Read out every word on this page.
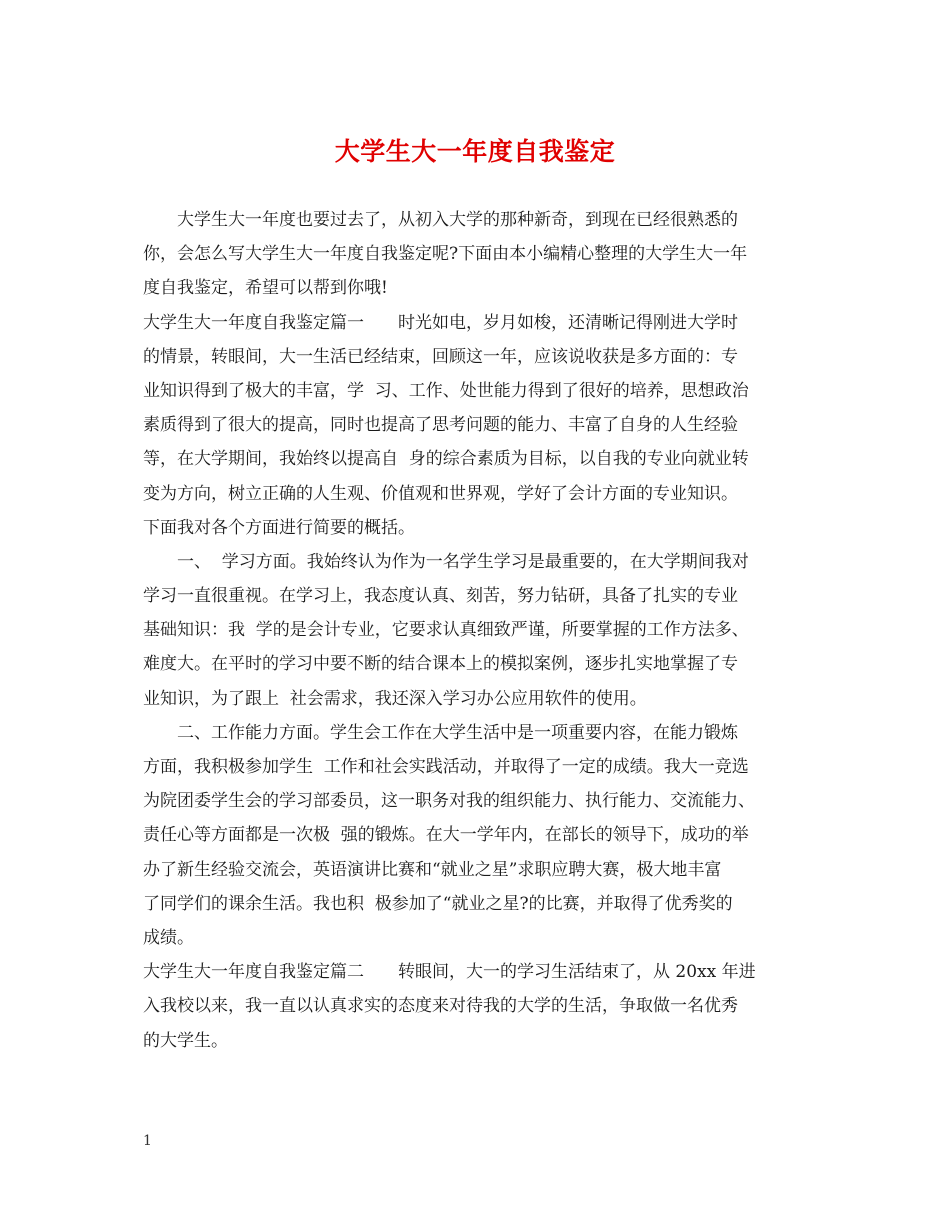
大学生大一年度自我鉴定
　　大学生大一年度也要过去了，从初入大学的那种新奇，到现在已经很熟悉的
你，会怎么写大学生大一年度自我鉴定呢?下面由本小编精心整理的大学生大一年
度自我鉴定，希望可以帮到你哦!
大学生大一年度自我鉴定篇一　　时光如电，岁月如梭，还清晰记得刚进大学时
的情景，转眼间，大一生活已经结束，回顾这一年，应该说收获是多方面的：专
业知识得到了极大的丰富，学  习、工作、处世能力得到了很好的培养，思想政治
素质得到了很大的提高，同时也提高了思考问题的能力、丰富了自身的人生经验
等，在大学期间，我始终以提高自  身的综合素质为目标，以自我的专业向就业转
变为方向，树立正确的人生观、价值观和世界观，学好了会计方面的专业知识。
下面我对各个方面进行简要的概括。
　　一、  学习方面。我始终认为作为一名学生学习是最重要的，在大学期间我对
学习一直很重视。在学习上，我态度认真、刻苦，努力钻研，具备了扎实的专业
基础知识：我  学的是会计专业，它要求认真细致严谨，所要掌握的工作方法多、
难度大。在平时的学习中要不断的结合课本上的模拟案例，逐步扎实地掌握了专
业知识，为了跟上  社会需求，我还深入学习办公应用软件的使用。
　　二、工作能力方面。学生会工作在大学生活中是一项重要内容，在能力锻炼
方面，我积极参加学生  工作和社会实践活动，并取得了一定的成绩。我大一竞选
为院团委学生会的学习部委员，这一职务对我的组织能力、执行能力、交流能力、
责任心等方面都是一次极  强的锻炼。在大一学年内，在部长的领导下，成功的举
办了新生经验交流会，英语演讲比赛和“就业之星”求职应聘大赛，极大地丰富
了同学们的课余生活。我也积  极参加了“就业之星?的比赛，并取得了优秀奖的
成绩。
大学生大一年度自我鉴定篇二　　转眼间，大一的学习生活结束了，从 20xx 年进
入我校以来，我一直以认真求实的态度来对待我的大学的生活，争取做一名优秀
的大学生。
1
